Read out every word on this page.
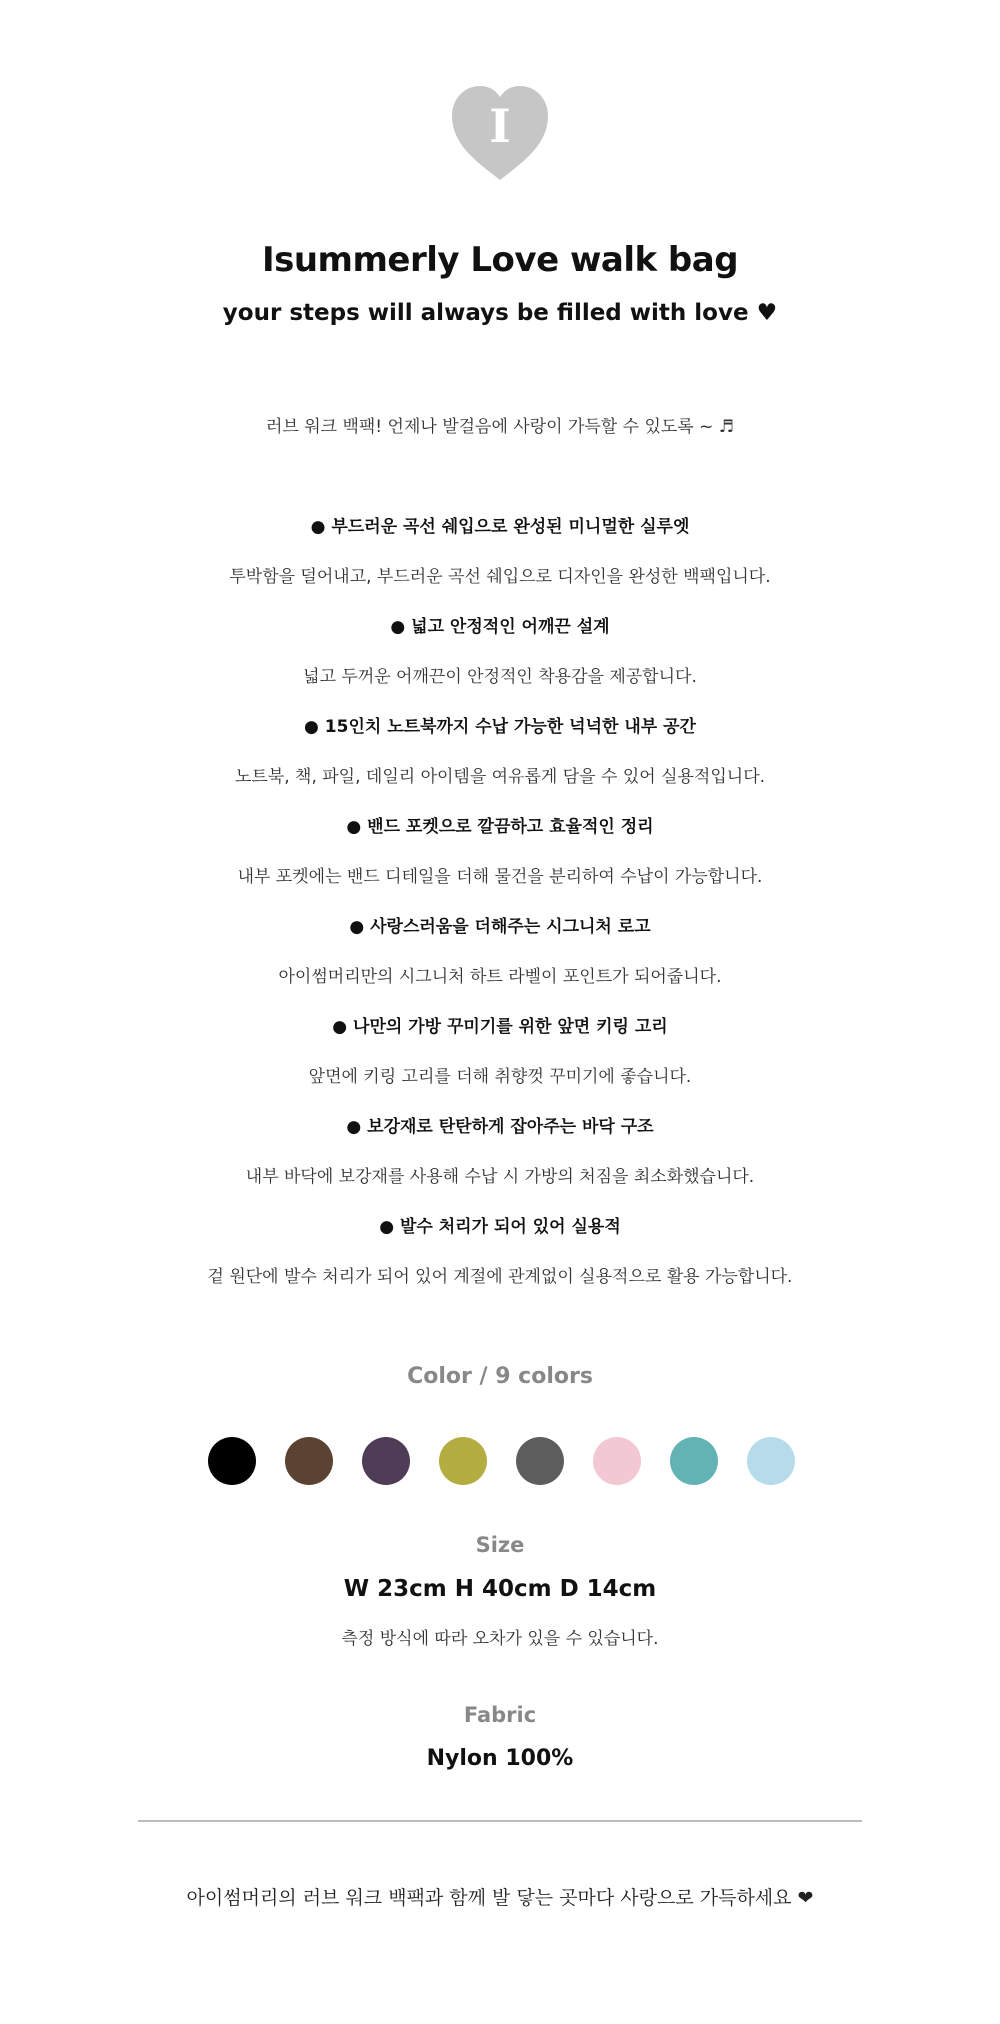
I
Isummerly Love walk bag
your steps will always be filled with love ♥
러브 워크 백팩! 언제나 발걸음에 사랑이 가득할 수 있도록 ~ ♬
● 부드러운 곡선 쉐입으로 완성된 미니멀한 실루엣
투박함을 덜어내고, 부드러운 곡선 쉐입으로 디자인을 완성한 백팩입니다.
● 넓고 안정적인 어깨끈 설계
넓고 두꺼운 어깨끈이 안정적인 착용감을 제공합니다.
● 15인치 노트북까지 수납 가능한 넉넉한 내부 공간
노트북, 책, 파일, 데일리 아이템을 여유롭게 담을 수 있어 실용적입니다.
● 밴드 포켓으로 깔끔하고 효율적인 정리
내부 포켓에는 밴드 디테일을 더해 물건을 분리하여 수납이 가능합니다.
● 사랑스러움을 더해주는 시그니처 로고
아이썸머리만의 시그니처 하트 라벨이 포인트가 되어줍니다.
● 나만의 가방 꾸미기를 위한 앞면 키링 고리
앞면에 키링 고리를 더해 취향껏 꾸미기에 좋습니다.
● 보강재로 탄탄하게 잡아주는 바닥 구조
내부 바닥에 보강재를 사용해 수납 시 가방의 처짐을 최소화했습니다.
● 발수 처리가 되어 있어 실용적
겉 원단에 발수 처리가 되어 있어 계절에 관계없이 실용적으로 활용 가능합니다.
Color / 9 colors
Size
W 23cm H 40cm D 14cm
측정 방식에 따라 오차가 있을 수 있습니다.
Fabric
Nylon 100%
아이썸머리의 러브 워크 백팩과 함께 발 닿는 곳마다 사랑으로 가득하세요 ❤
